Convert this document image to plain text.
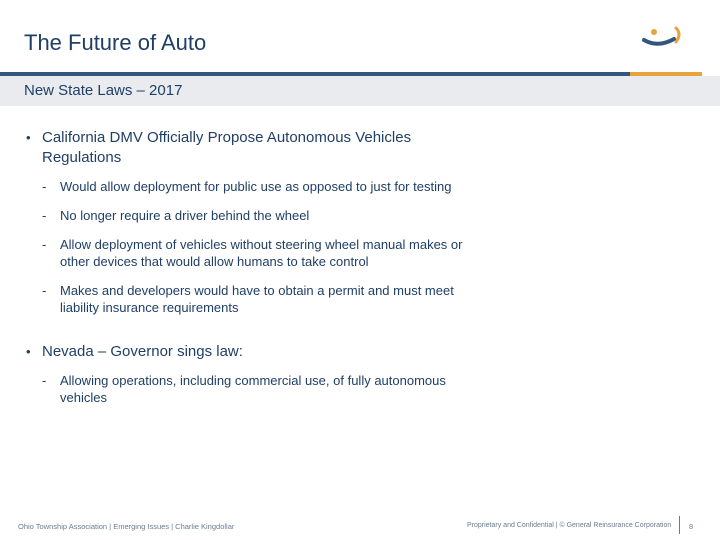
The Future of Auto
New State Laws – 2017
• California DMV Officially Propose Autonomous Vehicles Regulations
- Would allow deployment for public use as opposed to just for testing
- No longer require a driver behind the wheel
- Allow deployment of vehicles without steering wheel manual makes or other devices that would allow humans to take control
- Makes and developers would have to obtain a permit and must meet liability insurance requirements
• Nevada – Governor sings law:
- Allowing operations, including commercial use, of fully autonomous vehicles
Ohio Township Association | Emerging Issues | Charlie Kingdollar	Proprietary and Confidential | © General Reinsurance Corporation 8
